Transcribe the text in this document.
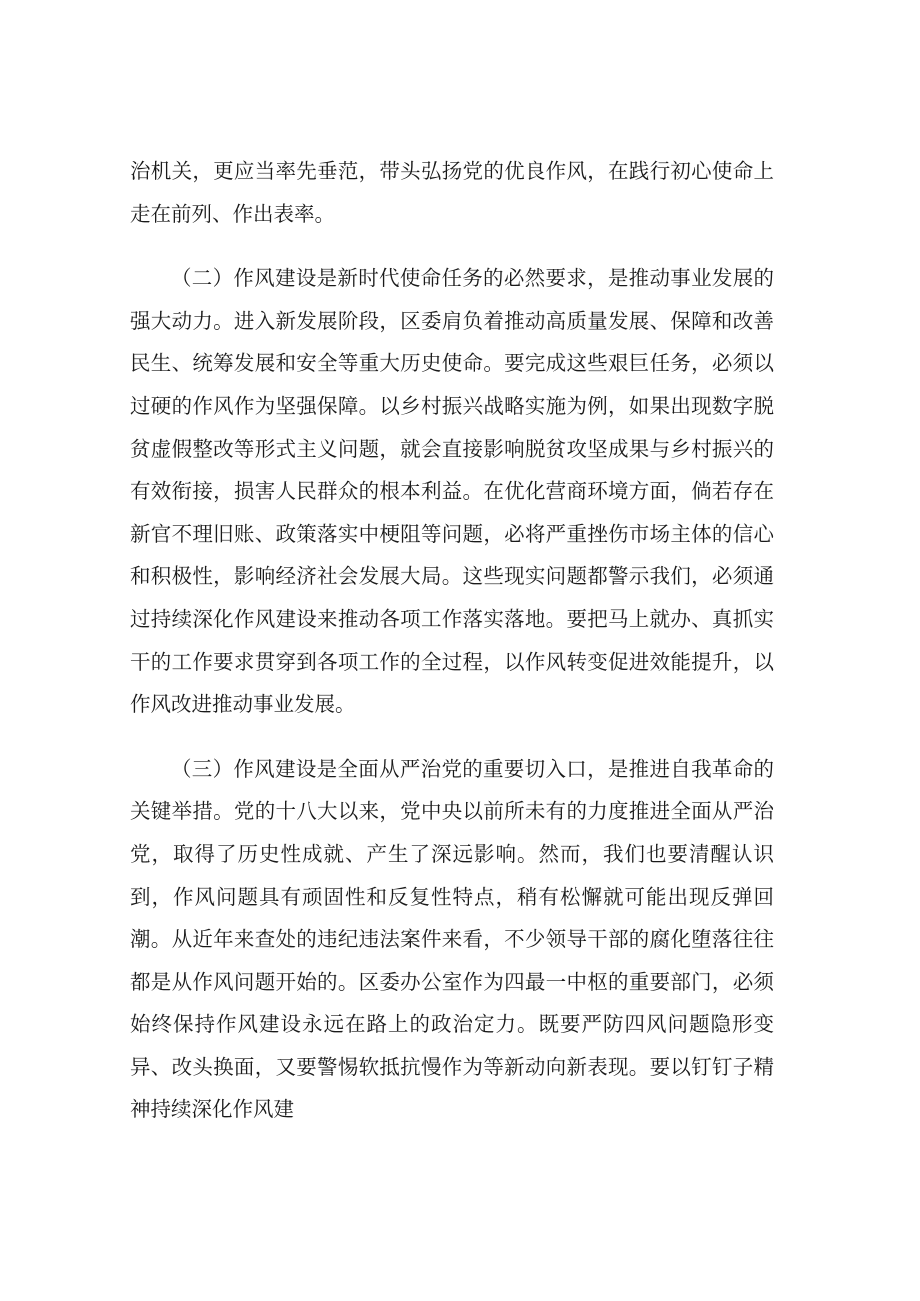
治机关，更应当率先垂范，带头弘扬党的优良作风，在践行初心使命上走在前列、作出表率。

（二）作风建设是新时代使命任务的必然要求，是推动事业发展的强大动力。进入新发展阶段，区委肩负着推动高质量发展、保障和改善民生、统筹发展和安全等重大历史使命。要完成这些艰巨任务，必须以过硬的作风作为坚强保障。以乡村振兴战略实施为例，如果出现数字脱贫虚假整改等形式主义问题，就会直接影响脱贫攻坚成果与乡村振兴的有效衔接，损害人民群众的根本利益。在优化营商环境方面，倘若存在新官不理旧账、政策落实中梗阻等问题，必将严重挫伤市场主体的信心和积极性，影响经济社会发展大局。这些现实问题都警示我们，必须通过持续深化作风建设来推动各项工作落实落地。要把马上就办、真抓实干的工作要求贯穿到各项工作的全过程，以作风转变促进效能提升，以作风改进推动事业发展。

（三）作风建设是全面从严治党的重要切入口，是推进自我革命的关键举措。党的十八大以来，党中央以前所未有的力度推进全面从严治党，取得了历史性成就、产生了深远影响。然而，我们也要清醒认识到，作风问题具有顽固性和反复性特点，稍有松懈就可能出现反弹回潮。从近年来查处的违纪违法案件来看，不少领导干部的腐化堕落往往都是从作风问题开始的。区委办公室作为四最一中枢的重要部门，必须始终保持作风建设永远在路上的政治定力。既要严防四风问题隐形变异、改头换面，又要警惕软抵抗慢作为等新动向新表现。要以钉钉子精神持续深化作风建
